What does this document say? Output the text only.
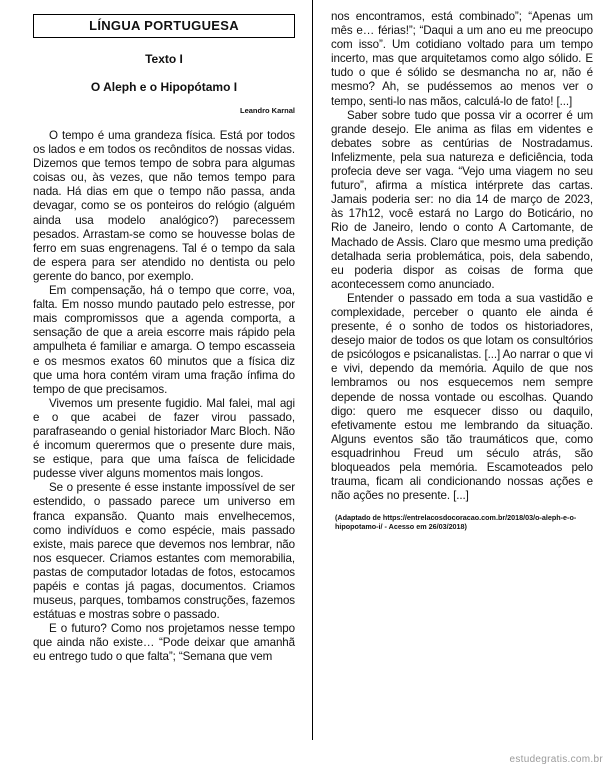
LÍNGUA PORTUGUESA
Texto I
O Aleph e o Hipopótamo I
Leandro Karnal

O tempo é uma grandeza física. Está por todos os lados e em todos os recônditos de nossas vidas. Dizemos que temos tempo de sobra para algumas coisas ou, às vezes, que não temos tempo para nada. Há dias em que o tempo não passa, anda devagar, como se os ponteiros do relógio (alguém ainda usa modelo analógico?) parecessem pesados. Arrastam-se como se houvesse bolas de ferro em suas engrenagens. Tal é o tempo da sala de espera para ser atendido no dentista ou pelo gerente do banco, por exemplo.

Em compensação, há o tempo que corre, voa, falta. Em nosso mundo pautado pelo estresse, por mais compromissos que a agenda comporta, a sensação de que a areia escorre mais rápido pela ampulheta é familiar e amarga. O tempo escasseia e os mesmos exatos 60 minutos que a física diz que uma hora contém viram uma fração ínfima do tempo de que precisamos.

Vivemos um presente fugidio. Mal falei, mal agi e o que acabei de fazer virou passado, parafraseando o genial historiador Marc Bloch. Não é incomum querermos que o presente dure mais, se estique, para que uma faísca de felicidade pudesse viver alguns momentos mais longos.

Se o presente é esse instante impossível de ser estendido, o passado parece um universo em franca expansão. Quanto mais envelhecemos, como indivíduos e como espécie, mais passado existe, mais parece que devemos nos lembrar, não nos esquecer. Criamos estantes com memorabilia, pastas de computador lotadas de fotos, estocamos papéis e contas já pagas, documentos. Criamos museus, parques, tombamos construções, fazemos estátuas e mostras sobre o passado.

E o futuro? Como nos projetamos nesse tempo que ainda não existe… “Pode deixar que amanhã eu entrego tudo o que falta”; “Semana que vem

nos encontramos, está combinado”; “Apenas um mês e… férias!”; “Daqui a um ano eu me preocupo com isso”. Um cotidiano voltado para um tempo incerto, mas que arquitetamos como algo sólido. E tudo o que é sólido se desmancha no ar, não é mesmo? Ah, se pudéssemos ao menos ver o tempo, senti-lo nas mãos, calculá-lo de fato! [...]

Saber sobre tudo que possa vir a ocorrer é um grande desejo. Ele anima as filas em videntes e debates sobre as centúrias de Nostradamus. Infelizmente, pela sua natureza e deficiência, toda profecia deve ser vaga. “Vejo uma viagem no seu futuro”, afirma a mística intérprete das cartas. Jamais poderia ser: no dia 14 de março de 2023, às 17h12, você estará no Largo do Boticário, no Rio de Janeiro, lendo o conto A Cartomante, de Machado de Assis. Claro que mesmo uma predição detalhada seria problemática, pois, dela sabendo, eu poderia dispor as coisas de forma que acontecessem como anunciado.

Entender o passado em toda a sua vastidão e complexidade, perceber o quanto ele ainda é presente, é o sonho de todos os historiadores, desejo maior de todos os que lotam os consultórios de psicólogos e psicanalistas. [...] Ao narrar o que vi e vivi, dependo da memória. Aquilo de que nos lembramos ou nos esquecemos nem sempre depende de nossa vontade ou escolhas. Quando digo: quero me esquecer disso ou daquilo, efetivamente estou me lembrando da situação. Alguns eventos são tão traumáticos que, como esquadrinhou Freud um século atrás, são bloqueados pela memória. Escamoteados pelo trauma, ficam ali condicionando nossas ações e não ações no presente. [...]

(Adaptado de https://entrelacosdocoracao.com.br/2018/03/o-aleph-e-o-hipopotamo-i/ - Acesso em 26/03/2018)
estudegratis.com.br
